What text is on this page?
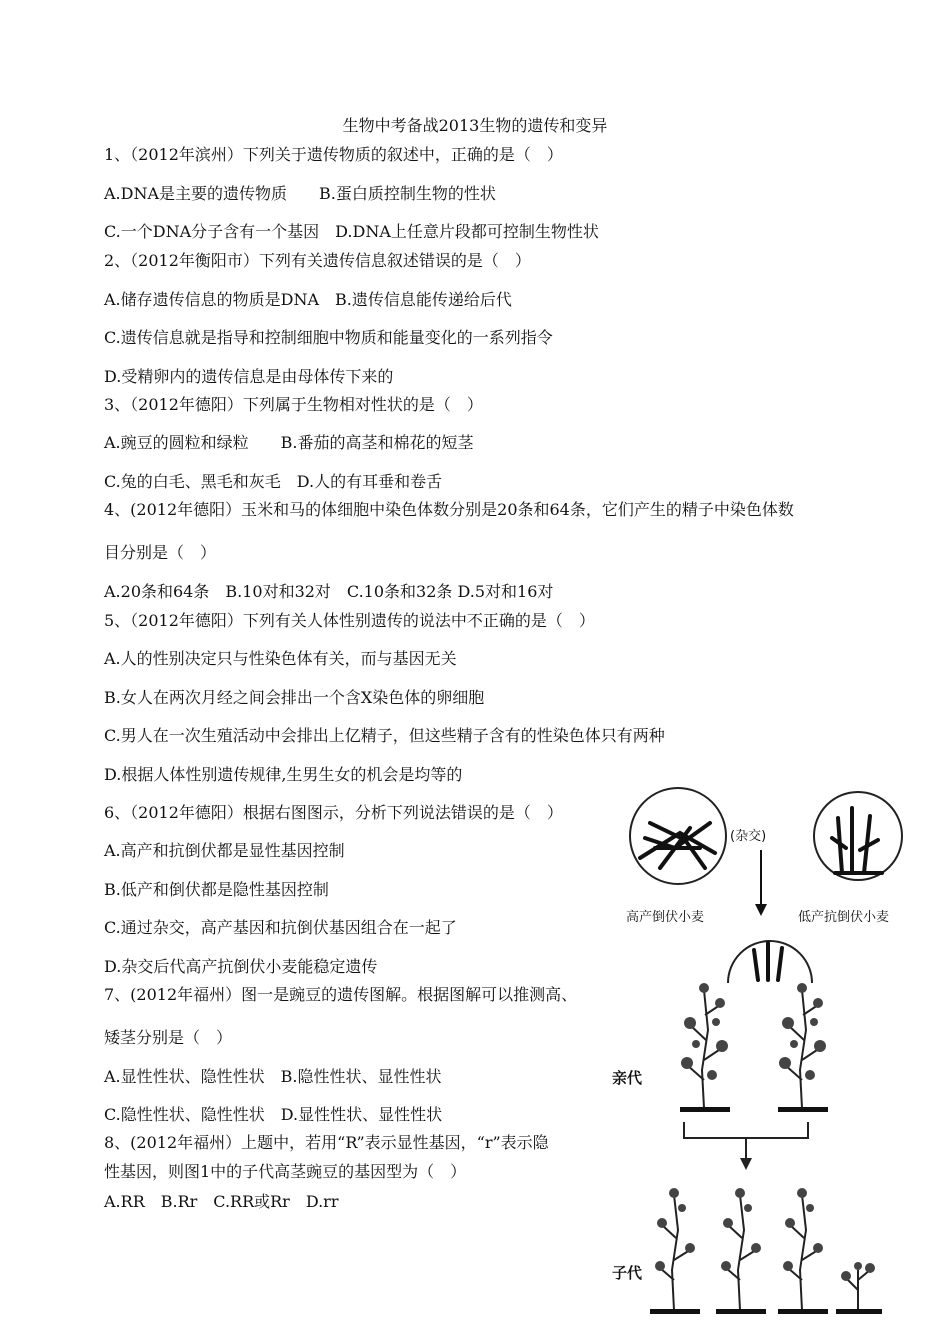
生物中考备战2013生物的遗传和变异
1、（2012年滨州）下列关于遗传物质的叙述中，正确的是（　）
A.DNA是主要的遗传物质　　B.蛋白质控制生物的性状
C.一个DNA分子含有一个基因　D.DNA上任意片段都可控制生物性状
2、（2012年衡阳市）下列有关遗传信息叙述错误的是（　）
A.储存遗传信息的物质是DNA　B.遗传信息能传递给后代
C.遗传信息就是指导和控制细胞中物质和能量变化的一系列指令
D.受精卵内的遗传信息是由母体传下来的
3、（2012年德阳）下列属于生物相对性状的是（　）
A.豌豆的圆粒和绿粒　　B.番茄的高茎和棉花的短茎
C.兔的白毛、黑毛和灰毛　D.人的有耳垂和卷舌
4、(2012年德阳）玉米和马的体细胞中染色体数分别是20条和64条，它们产生的精子中染色体数
目分别是（　）
A.20条和64条　B.10对和32对　C.10条和32条 D.5对和16对
5、（2012年德阳）下列有关人体性别遗传的说法中不正确的是（　）
A.人的性别决定只与性染色体有关，而与基因无关
B.女人在两次月经之间会排出一个含X染色体的卵细胞
C.男人在一次生殖活动中会排出上亿精子，但这些精子含有的性染色体只有两种
D.根据人体性别遗传规律,生男生女的机会是均等的
6、（2012年德阳）根据右图图示，分析下列说法错误的是（　）
A.高产和抗倒伏都是显性基因控制
B.低产和倒伏都是隐性基因控制
C.通过杂交，高产基因和抗倒伏基因组合在一起了
D.杂交后代高产抗倒伏小麦能稳定遗传
7、(2012年福州）图一是豌豆的遗传图解。根据图解可以推测高、
矮茎分别是（　）
A.显性性状、隐性性状　B.隐性性状、显性性状
C.隐性性状、隐性性状　D.显性性状、显性性状
8、(2012年福州）上题中，若用“R”表示显性基因，“r”表示隐
性基因，则图1中的子代高茎豌豆的基因型为（　）
A.RR　B.Rr　C.RR或Rr　D.rr
(杂交)
高产倒伏小麦	低产抗倒伏小麦
亲代
子代
